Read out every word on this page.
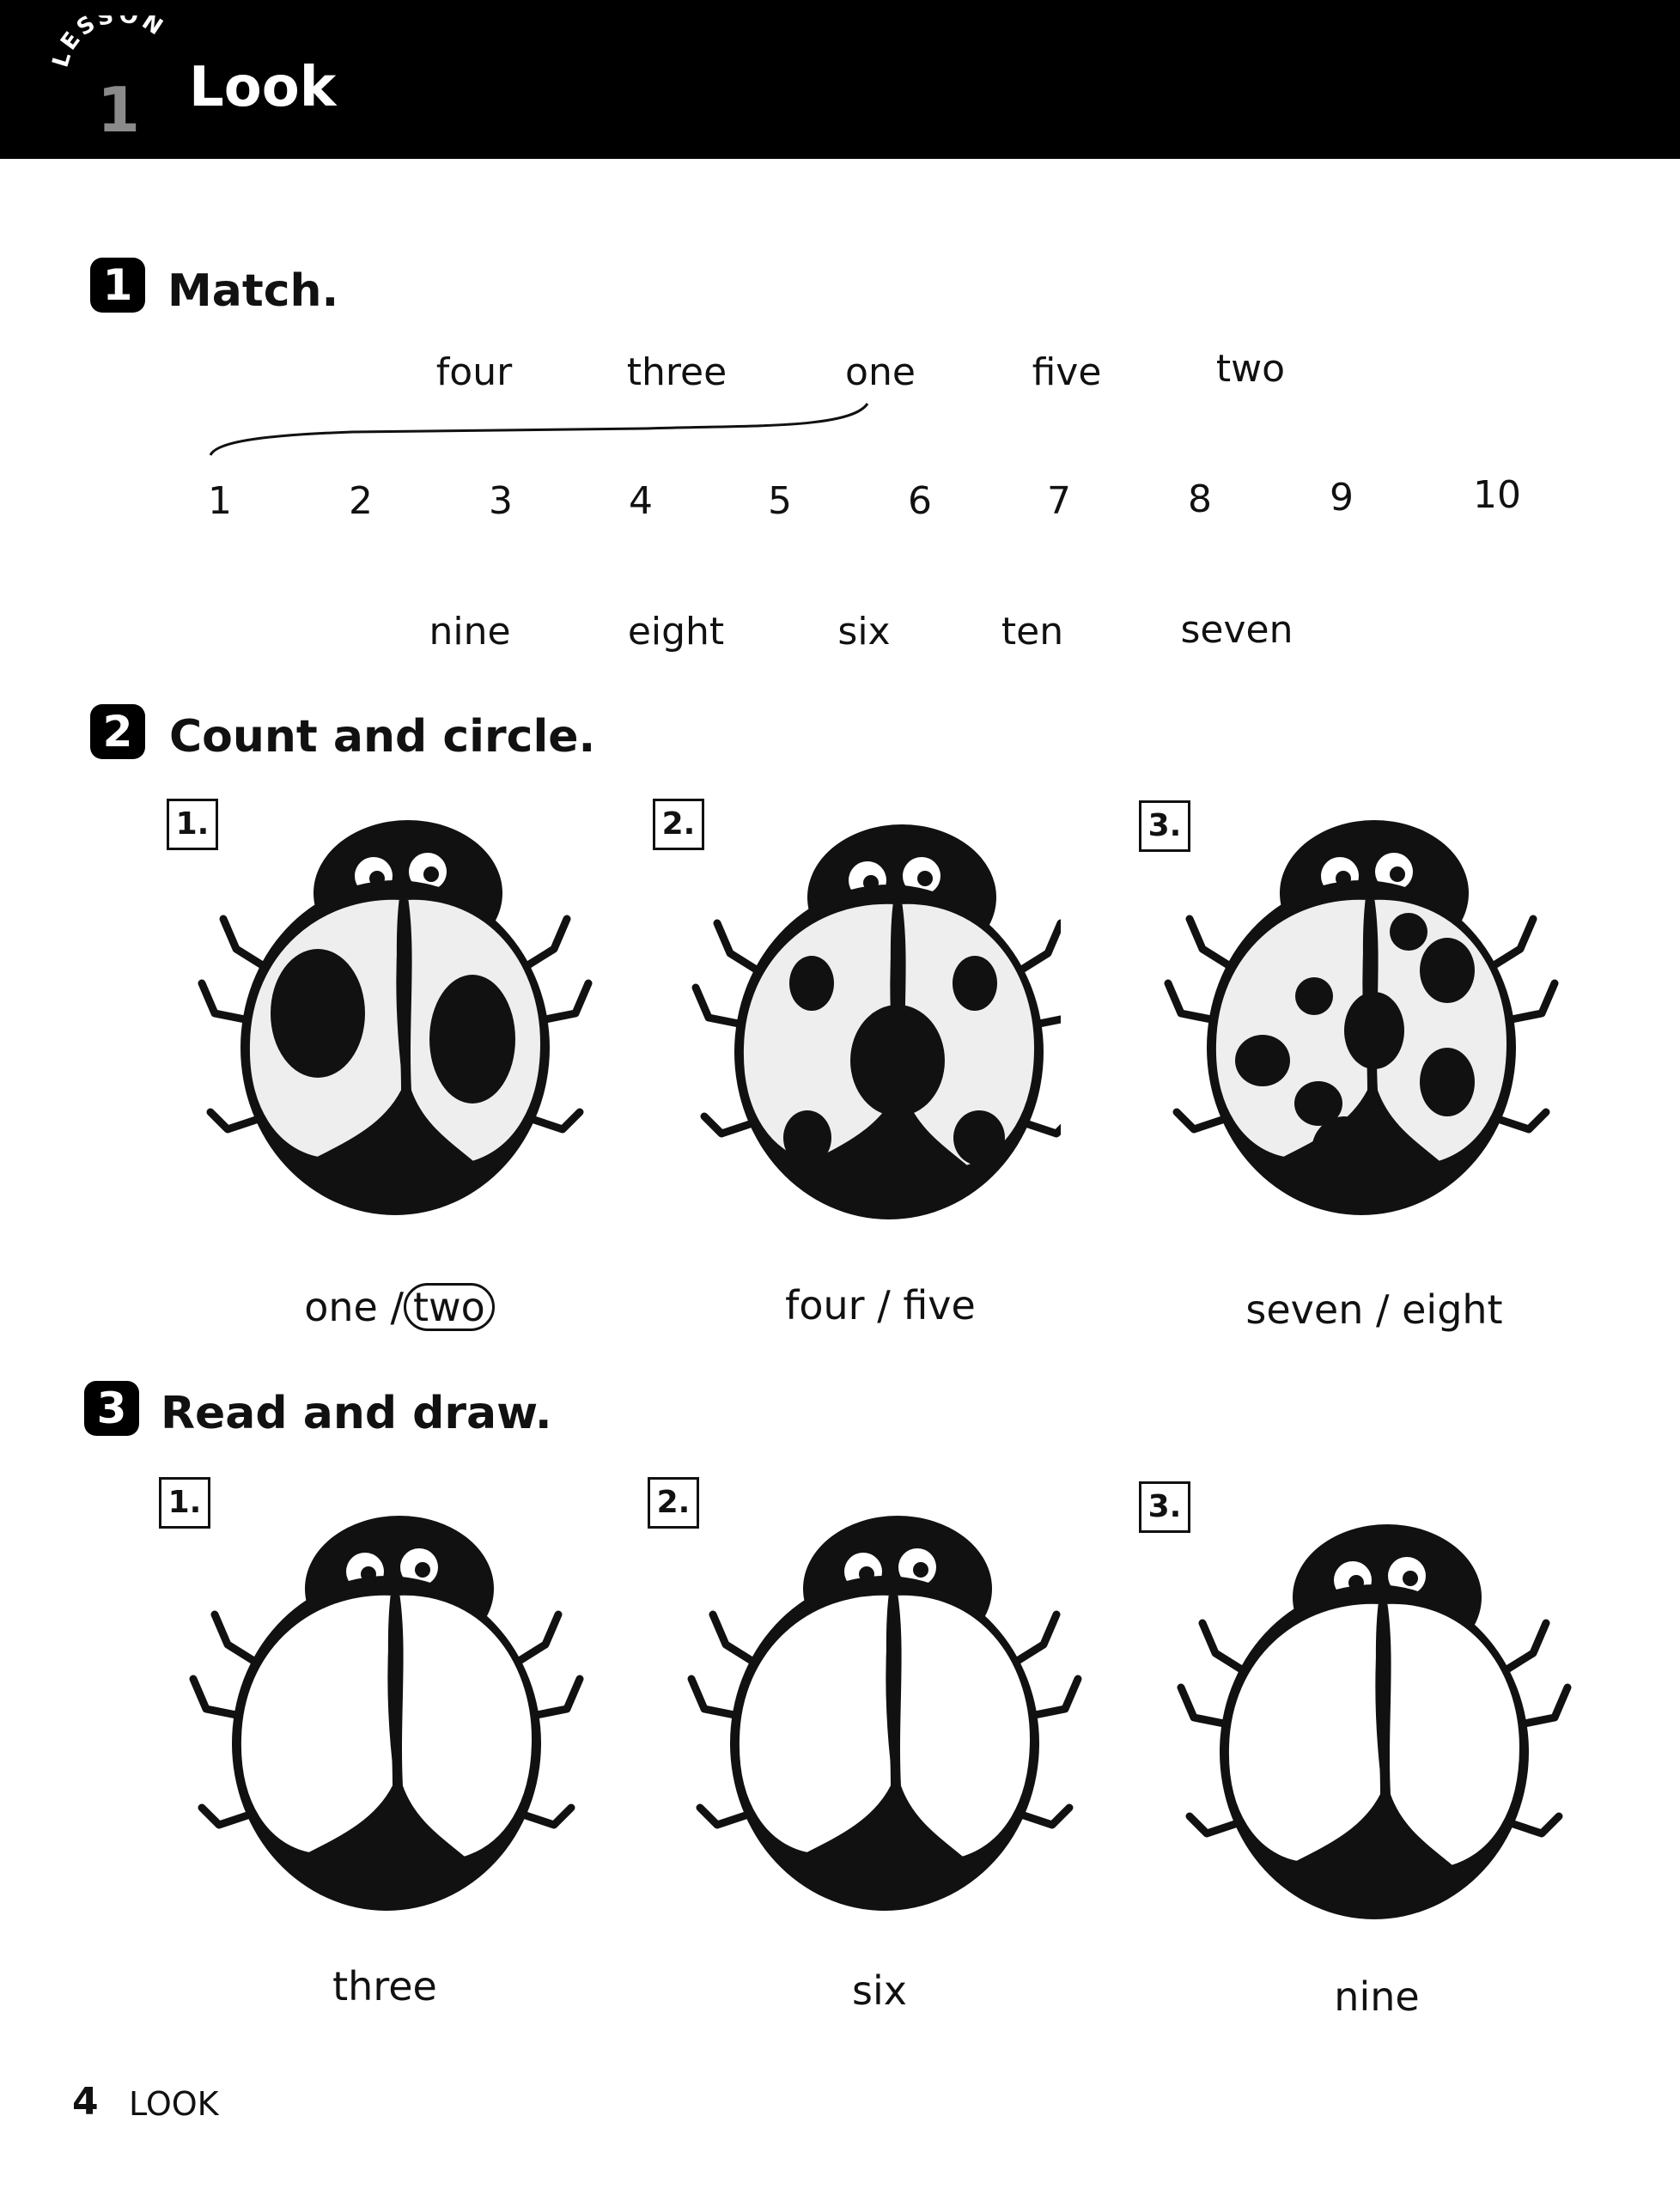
ESSON
1 Look
1 Match.
four	three	one	five	two
1	2	3	4	5	6	7	8	9	10
nine	eight	six	ten	seven
2 Count and circle.
1.	2.	3.
one / two	four / five	seven / eight
3 Read and draw.
1.	2.	3.
three	six	nine
4 LOOK
